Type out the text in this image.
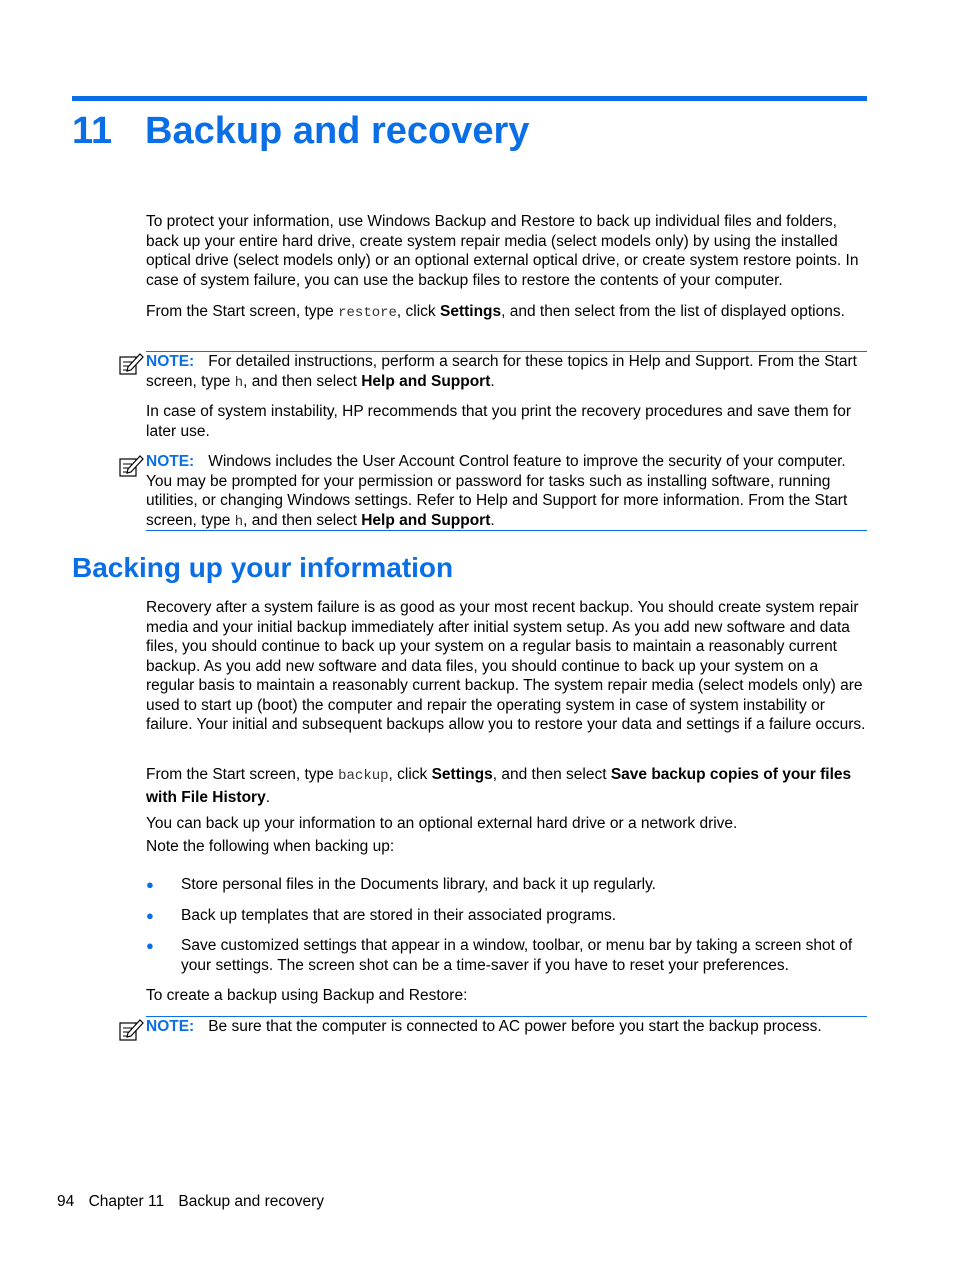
11 Backup and recovery

To protect your information, use Windows Backup and Restore to back up individual files and folders, back up your entire hard drive, create system repair media (select models only) by using the installed optical drive (select models only) or an optional external optical drive, or create system restore points. In case of system failure, you can use the backup files to restore the contents of your computer.

From the Start screen, type restore, click Settings, and then select from the list of displayed options.

NOTE: For detailed instructions, perform a search for these topics in Help and Support. From the Start screen, type h, and then select Help and Support.

In case of system instability, HP recommends that you print the recovery procedures and save them for later use.

NOTE: Windows includes the User Account Control feature to improve the security of your computer. You may be prompted for your permission or password for tasks such as installing software, running utilities, or changing Windows settings. Refer to Help and Support for more information. From the Start screen, type h, and then select Help and Support.

Backing up your information

Recovery after a system failure is as good as your most recent backup. You should create system repair media and your initial backup immediately after initial system setup. As you add new software and data files, you should continue to back up your system on a regular basis to maintain a reasonably current backup. As you add new software and data files, you should continue to back up your system on a regular basis to maintain a reasonably current backup. The system repair media (select models only) are used to start up (boot) the computer and repair the operating system in case of system instability or failure. Your initial and subsequent backups allow you to restore your data and settings if a failure occurs.

From the Start screen, type backup, click Settings, and then select Save backup copies of your files with File History.

You can back up your information to an optional external hard drive or a network drive.

Note the following when backing up:

● Store personal files in the Documents library, and back it up regularly.
● Back up templates that are stored in their associated programs.
● Save customized settings that appear in a window, toolbar, or menu bar by taking a screen shot of your settings. The screen shot can be a time-saver if you have to reset your preferences.

To create a backup using Backup and Restore:

NOTE: Be sure that the computer is connected to AC power before you start the backup process.

94 Chapter 11 Backup and recovery
